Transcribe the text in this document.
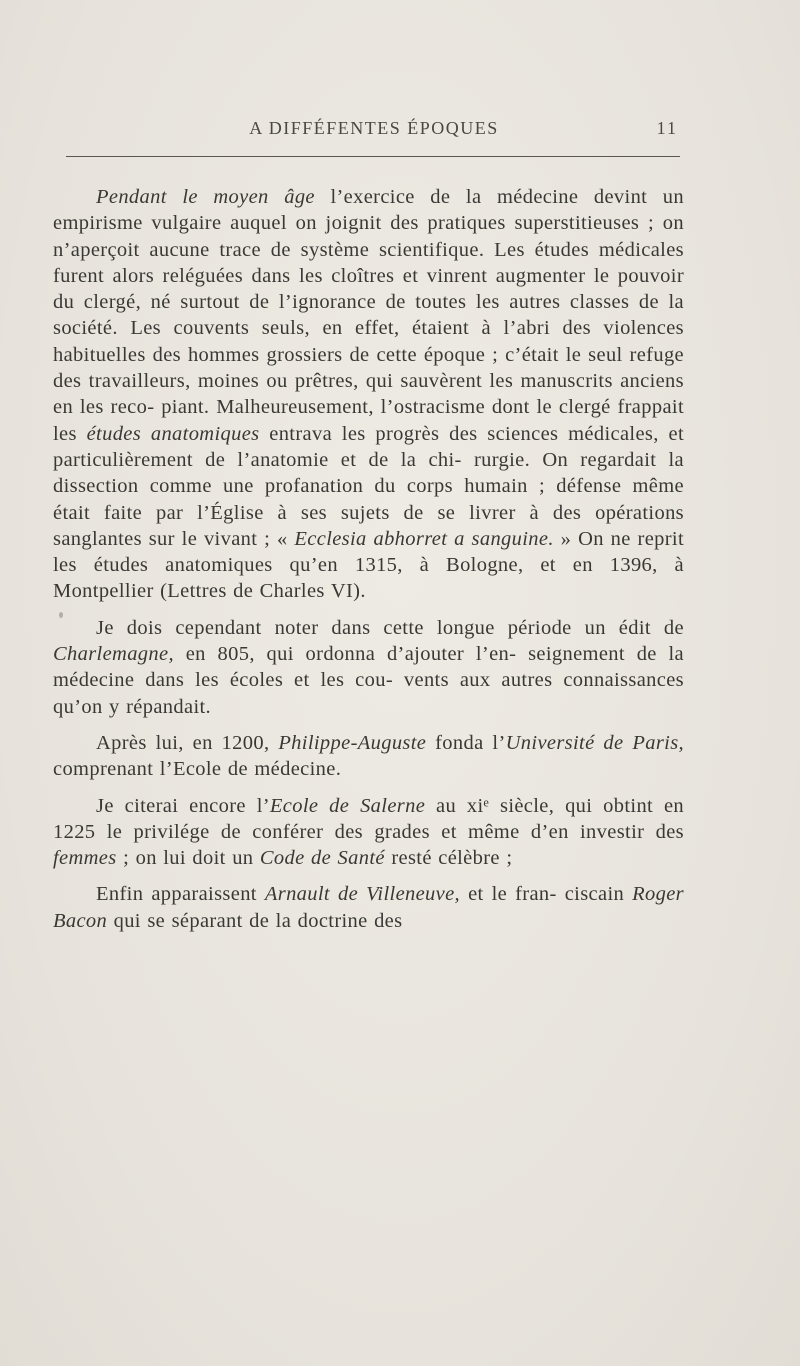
A DIFFÉFENTES ÉPOQUES	11

Pendant le moyen âge l’exercice de la médecine devint un empirisme vulgaire auquel on joignit des pratiques superstitieuses ; on n’aperçoit aucune trace de système scientifique. Les études médicales furent alors reléguées dans les cloîtres et vinrent augmenter le pouvoir du clergé, né surtout de l’ignorance de toutes les autres classes de la société. Les couvents seuls, en effet, étaient à l’abri des violences habituelles des hommes grossiers de cette époque ; c’était le seul refuge des travailleurs, moines ou prêtres, qui sauvèrent les manuscrits anciens en les reco- piant. Malheureusement, l’ostracisme dont le clergé frappait les études anatomiques entrava les progrès des sciences médicales, et particulièrement de l’anatomie et de la chi- rurgie. On regardait la dissection comme une profanation du corps humain ; défense même était faite par l’Église à ses sujets de se livrer à des opérations sanglantes sur le vivant ; « Ecclesia abhorret a sanguine. » On ne reprit les études anatomiques qu’en 1315, à Bologne, et en 1396, à Montpellier (Lettres de Charles VI).

Je dois cependant noter dans cette longue période un édit de Charlemagne, en 805, qui ordonna d’ajouter l’en- seignement de la médecine dans les écoles et les cou- vents aux autres connaissances qu’on y répandait.

Après lui, en 1200, Philippe-Auguste fonda l’Université de Paris, comprenant l’Ecole de médecine.

Je citerai encore l’Ecole de Salerne au xiᵉ siècle, qui obtint en 1225 le privilége de conférer des grades et même d’en investir des femmes ; on lui doit un Code de Santé resté célèbre ;

Enfin apparaissent Arnault de Villeneuve, et le fran- ciscain Roger Bacon qui se séparant de la doctrine des
